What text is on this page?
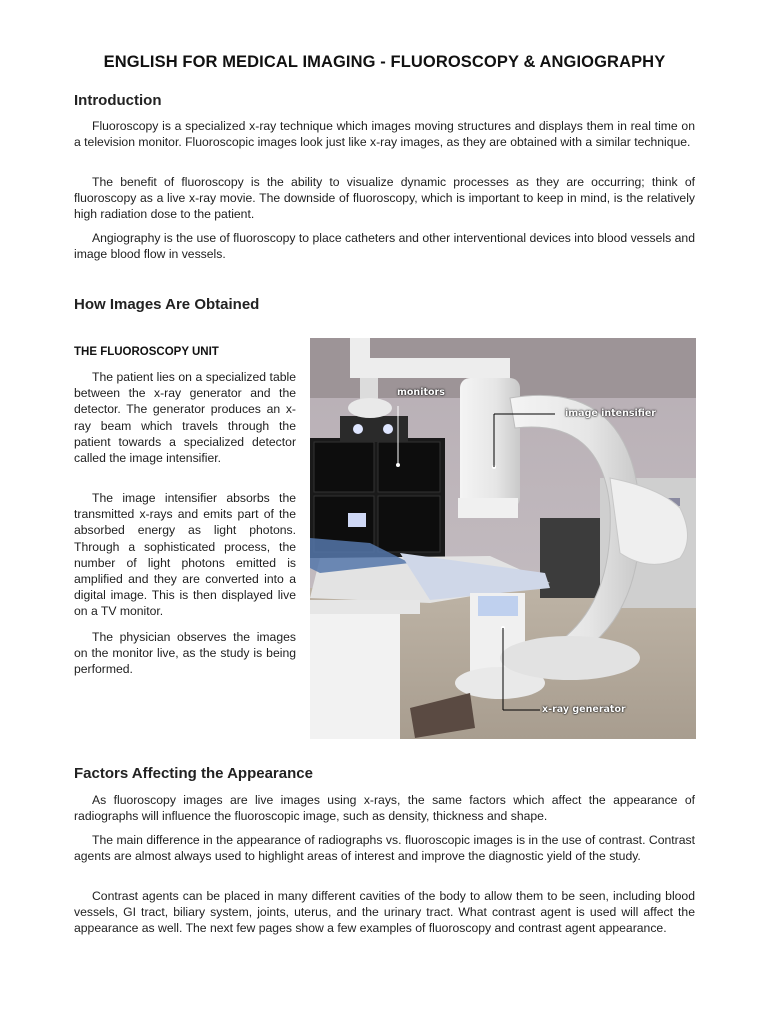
ENGLISH FOR MEDICAL IMAGING - FLUOROSCOPY & ANGIOGRAPHY
Introduction

Fluoroscopy is a specialized x-ray technique which images moving structures and displays them in real time on a television monitor. Fluoroscopic images look just like x-ray images, as they are obtained with a similar technique.

The benefit of fluoroscopy is the ability to visualize dynamic processes as they are occurring; think of fluoroscopy as a live x-ray movie. The downside of fluoroscopy, which is important to keep in mind, is the relatively high radiation dose to the patient.

Angiography is the use of fluoroscopy to place catheters and other interventional devices into blood vessels and image blood flow in vessels.

How Images Are Obtained

THE FLUOROSCOPY UNIT

The patient lies on a specialized table between the x-ray generator and the detector. The generator produces an x-ray beam which travels through the patient towards a specialized detector called the image intensifier.

The image intensifier absorbs the transmitted x-rays and emits part of the absorbed energy as light photons. Through a sophisticated process, the number of light photons emitted is amplified and they are converted into a digital image. This is then displayed live on a TV monitor.

The physician observes the images on the monitor live, as the study is being performed.

monitors
image intensifier
x-ray generator
Factors Affecting the Appearance

As fluoroscopy images are live images using x-rays, the same factors which affect the appearance of radiographs will influence the fluoroscopic image, such as density, thickness and shape.

The main difference in the appearance of radiographs vs. fluoroscopic images is in the use of contrast. Contrast agents are almost always used to highlight areas of interest and improve the diagnostic yield of the study.

Contrast agents can be placed in many different cavities of the body to allow them to be seen, including blood vessels, GI tract, biliary system, joints, uterus, and the urinary tract. What contrast agent is used will affect the appearance as well. The next few pages show a few examples of fluoroscopy and contrast agent appearance.
